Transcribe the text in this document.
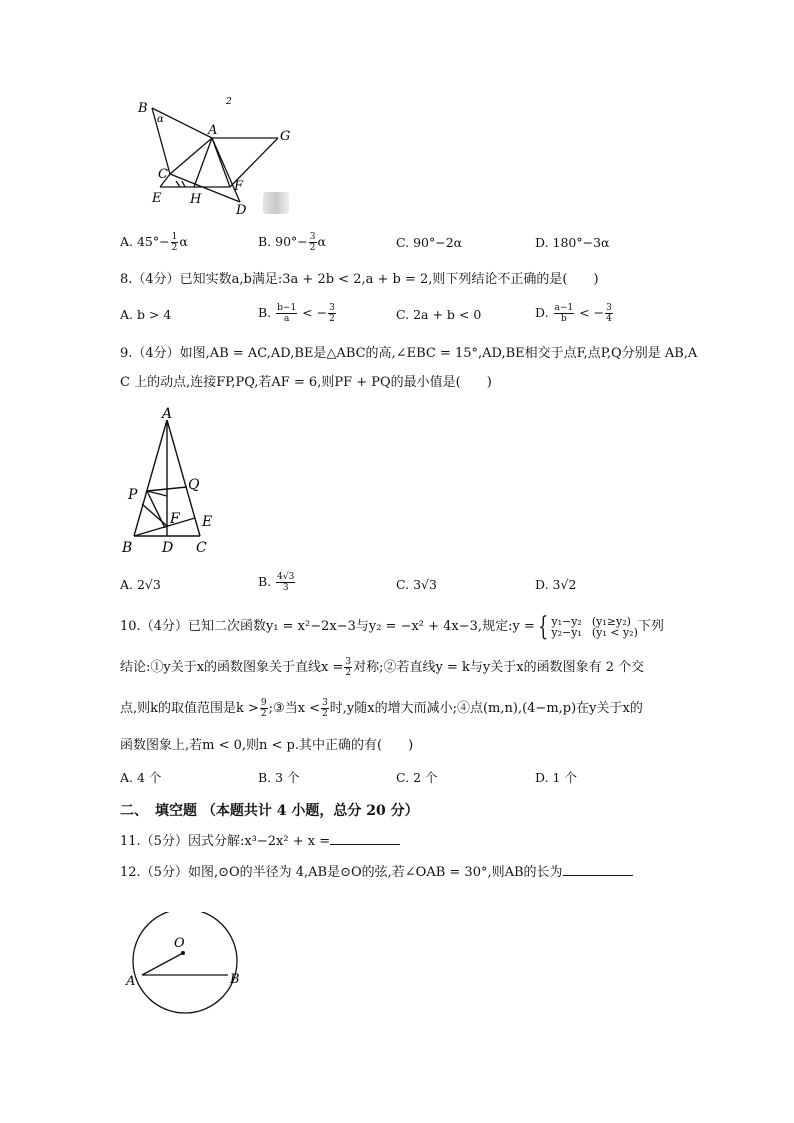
B
α
A	G
C
F
E H
D
2
A. $45^\circ- \frac{1}{2}$ α	B. $90^\circ- \frac{3}{2}$ α	C. 90°−2α	D. 180°−3α
8.（4分）已知实数a,b满足:3a + 2b < 2,a + b = 2,则下列结论不正确的是(　　)
A. b > 4	B. $\frac{b-1}{a}$ < − $\frac{3}{2}$	C. 2a + b < 0	D. $\frac{a-1}{b}$ < − $\frac{3}{4}$
9.（4分）如图,AB = AC,AD,BE是△ABC的高,∠EBC = 15°,AD,BE相交于点F,点P,Q分别是 AB,A
C 上的动点,连接FP,PQ,若AF = 6,则PF + PQ的最小值是(　　)
A
P
Q
F E
B D C
A. 2√3	B. $\frac{4√3}{3}$	C. 3√3	D. 3√2
10.（4分）已知二次函数y₁ = x²−2x−3与y₂ = −x² + 4x−3,规定:y = { y₁−y₂
y₂−y₁
(y₁≥y₂)
(y₁ < y₂) 下列
结论:①y关于x的函数图象关于直线$x = \frac{3}{2}$ 对称;②若直线y = k与y关于x的函数图象有 2 个交
点,则k的取值范围是$k > \frac{9}{2}$ ;③当$x < \frac{3}{2}$ 时,y随x的增大而减小;④点(m,n),(4−m,p)在y关于x的
函数图象上,若m < 0,则n < p.其中正确的有(　　)
A. 4 个	B. 3 个	C. 2 个	D. 1 个
二、　填空题 （本题共计 4 小题，总分 20 分）
11.（5分）因式分解:x³−2x² + x =
12.（5分）如图,⊙O的半径为 4,AB是⊙O的弦,若∠OAB = 30°,则AB的长为
O
A	B
